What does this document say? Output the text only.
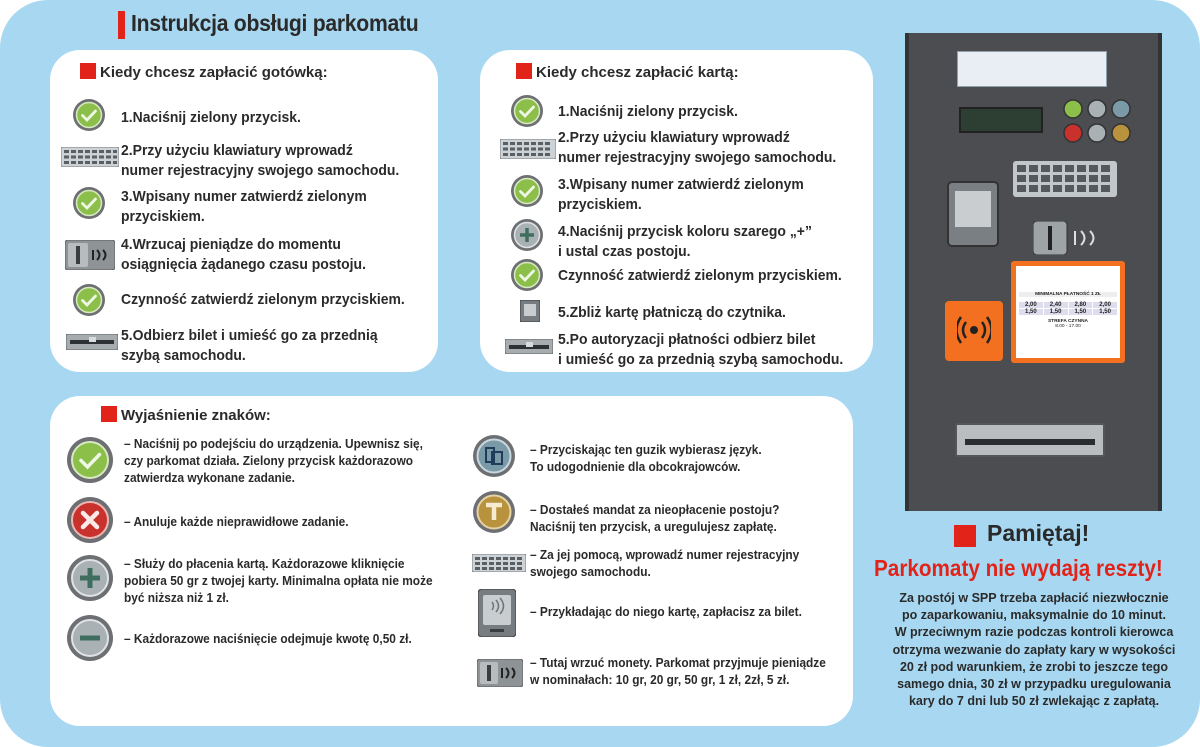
Instrukcja obsługi parkomatu
Kiedy chcesz zapłacić gotówką:
1.Naciśnij zielony przycisk.
2.Przy użyciu klawiatury wprowadź
numer rejestracyjny swojego samochodu.
3.Wpisany numer zatwierdź zielonym
przyciskiem.
4.Wrzucaj pieniądze do momentu
osiągnięcia żądanego czasu postoju.
Czynność zatwierdź zielonym przyciskiem.
5.Odbierz bilet i umieść go za przednią
szybą samochodu.
Kiedy chcesz zapłacić kartą:
1.Naciśnij zielony przycisk.
2.Przy użyciu klawiatury wprowadź
numer rejestracyjny swojego samochodu.
3.Wpisany numer zatwierdź zielonym
przyciskiem.
4.Naciśnij przycisk koloru szarego „+”
i ustal czas postoju.
Czynność zatwierdź zielonym przyciskiem.
5.Zbliż kartę płatniczą do czytnika.
5.Po autoryzacji płatności odbierz bilet
i umieść go za przednią szybą samochodu.
Wyjaśnienie znaków:
– Naciśnij po podejściu do urządzenia. Upewnisz się,
czy parkomat działa. Zielony przycisk każdorazowo
zatwierdza wykonane zadanie.
– Anuluje każde nieprawidłowe zadanie.
– Służy do płacenia kartą. Każdorazowe kliknięcie
pobiera 50 gr z twojej karty. Minimalna opłata nie może
być niższa niż 1 zł.
– Każdorazowe naciśnięcie odejmuje kwotę 0,50 zł.
– Przyciskając ten guzik wybierasz język.
To udogodnienie dla obcokrajowców.
– Dostałeś mandat za nieopłacenie postoju?
Naciśnij ten przycisk, a uregulujesz zapłatę.
– Za jej pomocą, wprowadź numer rejestracyjny
swojego samochodu.
– Przykładając do niego kartę, zapłacisz za bilet.
– Tutaj wrzuć monety. Parkomat przyjmuje pieniądze
w nominałach: 10 gr, 20 gr, 50 gr, 1 zł, 2zł, 5 zł.
MINIMALNA PŁATNOŚĆ 1 ZŁ
2,00	2,40	2,80	2,00
1,50	1,50	1,50	1,50
STREFA CZYNNA
8.00 - 17.00
Pamiętaj!
Parkomaty nie wydają reszty!
Za postój w SPP trzeba zapłacić niezwłocznie
po zaparkowaniu, maksymalnie do 10 minut.
W przeciwnym razie podczas kontroli kierowca
otrzyma wezwanie do zapłaty kary w wysokości
20 zł pod warunkiem, że zrobi to jeszcze tego
samego dnia, 30 zł w przypadku uregulowania
kary do 7 dni lub 50 zł zwlekając z zapłatą.
